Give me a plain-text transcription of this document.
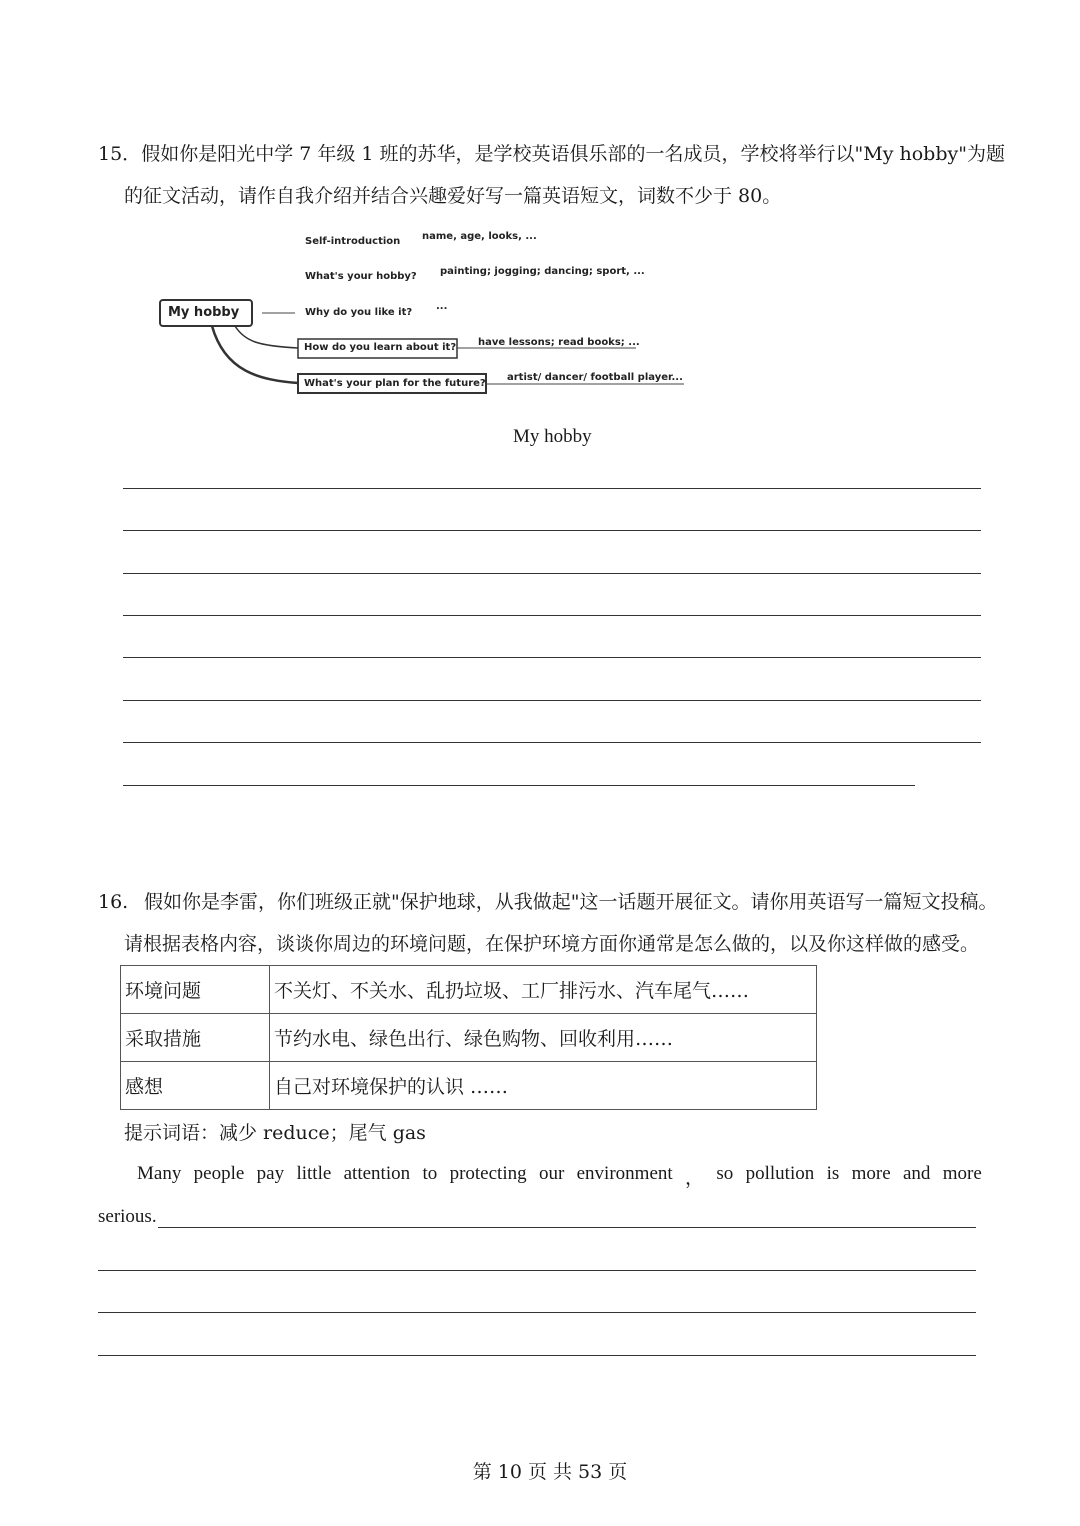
15．假如你是阳光中学 7 年级 1 班的苏华，是学校英语俱乐部的一名成员，学校将举行以"My hobby"为题
的征文活动，请作自我介绍并结合兴趣爱好写一篇英语短文，词数不少于 80。
My hobby
Self-introduction name, age, looks, ...
What's your hobby? painting; jogging; dancing; sport, ...
Why do you like it?
...
How do you learn about it? have lessons; read books; ...
What's your plan for the future?
artist/ dancer/ football player...
My hobby
16. 假如你是李雷，你们班级正就"保护地球，从我做起"这一话题开展征文。请你用英语写一篇短文投稿。
请根据表格内容，谈谈你周边的环境问题，在保护环境方面你通常是怎么做的，以及你这样做的感受。
环境问题	不关灯、不关水、乱扔垃圾、工厂排污水、汽车尾气……
采取措施	节约水电、绿色出行、绿色购物、回收利用……
感想	自己对环境保护的认识 ……
提示词语：减少 reduce；尾气 gas
Many people pay little attention to protecting our environment ， so pollution is more and more
serious.
第 10 页 共 53 页
